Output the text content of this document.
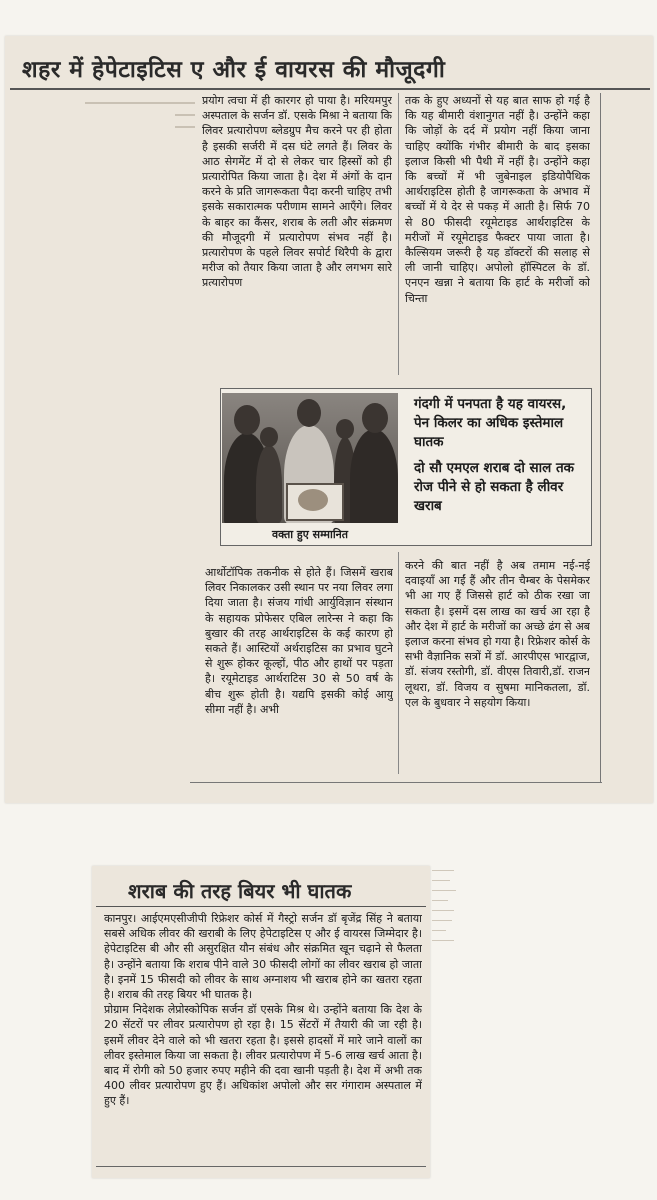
शहर में हेपेटाइटिस ए और ई वायरस की मौजूदगी

प्रयोग त्वचा में ही कारगर हो पाया है। मरियमपुर अस्पताल के सर्जन डॉ. एसके मिश्रा ने बताया कि लिवर प्रत्यारोपण ब्लेडग्रुप मैच करने पर ही होता है इसकी सर्जरी में दस घंटे लगते हैं। लिवर के आठ सेगमेंट में दो से लेकर चार हिस्सों को ही प्रत्यारोपित किया जाता है। देश में अंगों के दान करने के प्रति जागरूकता पैदा करनी चाहिए तभी इसके सकारात्मक परीणाम सामने आएँगे। लिवर के बाहर का कैंसर, शराब के लती और संक्रमण की मौजूदगी में प्रत्यारोपण संभव नहीं है। प्रत्यारोपण के पहले लिवर सपोर्ट थिरैपी के द्वारा मरीज को तैयार किया जाता है और लगभग सारे प्रत्यारोपण

तक के हुए अध्यनों से यह बात साफ हो गई है कि यह बीमारी वंशानुगत नहीं है। उन्होंने कहा कि जोड़ों के दर्द में प्रयोग नहीं किया जाना चाहिए क्योंकि गंभीर बीमारी के बाद इसका इलाज किसी भी पैथी में नहीं है। उन्होंने कहा कि बच्चों में भी जुबेनाइल इडियोपैथिक आर्थराइटिस होती है जागरूकता के अभाव में बच्चों में ये देर से पकड़ में आती है। सिर्फ 70 से 80 फीसदी रयूमेटाइड आर्थराइटिस के मरीजों में रयूमेटाइड फैक्टर पाया जाता है। कैल्सियम जरूरी है यह डॉक्टरों की सलाह से ली जानी चाहिए। अपोलो हॉस्पिटल के डॉ. एनएन खन्ना ने बताया कि हार्ट के मरीजों को चिन्ता

वक्ता हुए सम्मानित

गंदगी में पनपता है यह वायरस, पेन किलर का अधिक इस्तेमाल घातक

दो सौ एमएल शराब दो साल तक रोज पीने से हो सकता है लीवर खराब

आर्थोटॉपिक तकनीक से होते हैं। जिसमें खराब लिवर निकालकर उसी स्थान पर नया लिवर लगा दिया जाता है। संजय गांधी आर्युविज्ञान संस्थान के सहायक प्रोफेसर एबिल लारेन्स ने कहा कि बुखार की तरह आर्थराइटिस के कई कारण हो सकते हैं। आस्टियों अर्थराइटिस का प्रभाव घुटने से शुरू होकर कूल्हों, पीठ और हाथों पर पड़ता है। रयूमेटाइड आर्थराटिस 30 से 50 वर्ष के बीच शुरू होती है। यद्यपि इसकी कोई आयु सीमा नहीं है। अभी

करने की बात नहीं है अब तमाम नई-नई दवाइयाँ आ गईं हैं और तीन चैम्बर के पेसमेकर भी आ गए हैं जिससे हार्ट को ठीक रखा जा सकता है। इसमें दस लाख का खर्च आ रहा है और देश में हार्ट के मरीजों का अच्छे ढंग से अब इलाज करना संभव हो गया है। रिफ्रेशर कोर्स के सभी वैज्ञानिक सत्रों में डॉ. आरपीएस भारद्वाज, डॉ. संजय रस्तोगी, डॉ. वीएस तिवारी,डॉ. राजन लूथरा, डॉ. विजय व सुषमा मानिकतला, डॉ. एल के बुधवार ने सहयोग किया।

शराब की तरह बियर भी घातक

कानपुर। आईएमएसीजीपी रिफ्रेशर कोर्स में गैस्ट्रो सर्जन डॉ बृजेंद्र सिंह ने बताया सबसे अधिक लीवर की खराबी के लिए हेपेटाइटिस ए और ई वायरस जिम्मेदार है। हेपेटाइटिस बी और सी असुरक्षित यौन संबंध और संक्रमित खून चढ़ाने से फैलता है। उन्होंने बताया कि शराब पीने वाले 30 फीसदी लोगों का लीवर खराब हो जाता है। इनमें 15 फीसदी को लीवर के साथ अग्नाशय भी खराब होने का खतरा रहता है। शराब की तरह बियर भी घातक है।

प्रोग्राम निदेशक लेप्रोस्कोपिक सर्जन डॉ एसके मिश्र थे। उन्होंने बताया कि देश के 20 सेंटरों पर लीवर प्रत्यारोपण हो रहा है। 15 सेंटरों में तैयारी की जा रही है। इसमें लीवर देने वाले को भी खतरा रहता है। इससे हादसों में मारे जाने वालों का लीवर इस्तेमाल किया जा सकता है। लीवर प्रत्यारोपण में 5-6 लाख खर्च आता है। बाद में रोगी को 50 हजार रुपए महीने की दवा खानी पड़ती है। देश में अभी तक 400 लीवर प्रत्यारोपण हुए हैं। अधिकांश अपोलो और सर गंगाराम अस्पताल में हुए हैं।
